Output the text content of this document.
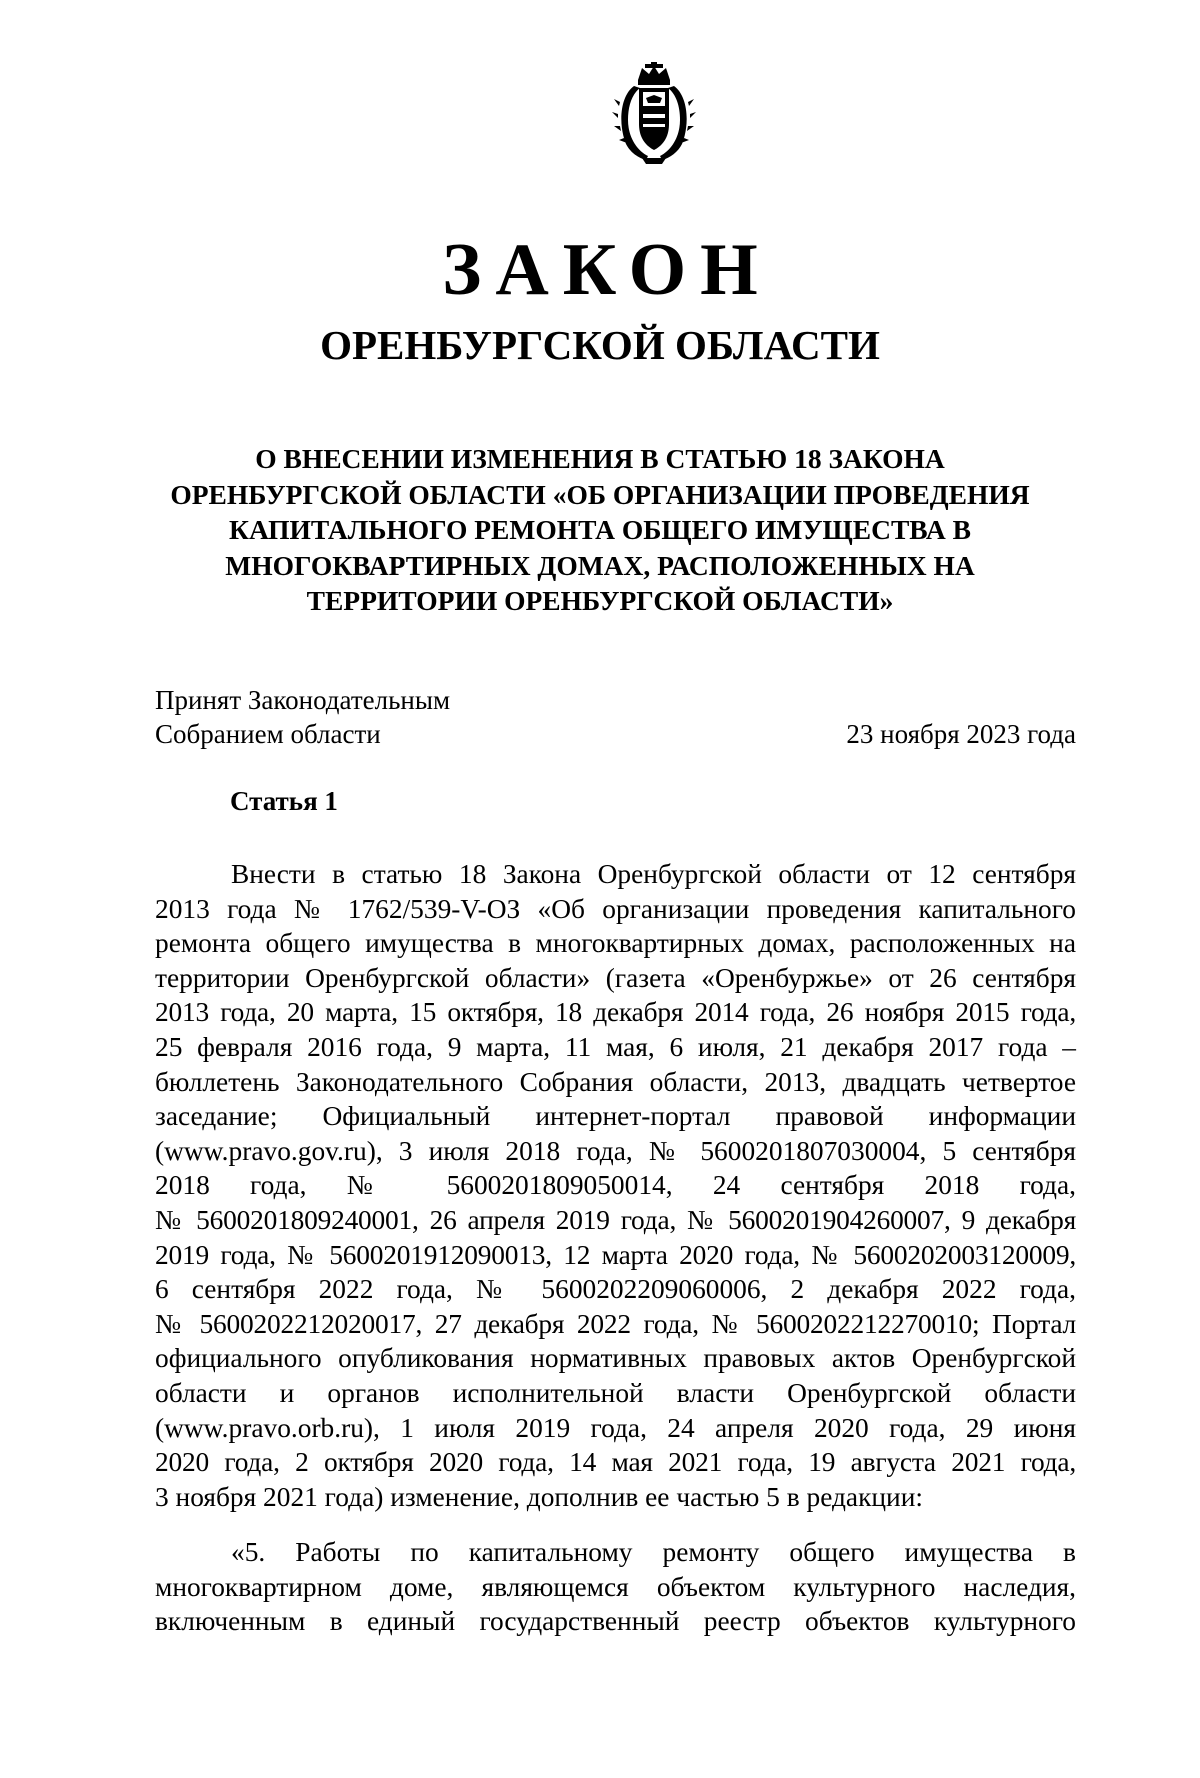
ЗАКОН
ОРЕНБУРГСКОЙ ОБЛАСТИ
О ВНЕСЕНИИ ИЗМЕНЕНИЯ В СТАТЬЮ 18 ЗАКОНА
ОРЕНБУРГСКОЙ ОБЛАСТИ «ОБ ОРГАНИЗАЦИИ ПРОВЕДЕНИЯ
КАПИТАЛЬНОГО РЕМОНТА ОБЩЕГО ИМУЩЕСТВА В
МНОГОКВАРТИРНЫХ ДОМАХ, РАСПОЛОЖЕННЫХ НА
ТЕРРИТОРИИ ОРЕНБУРГСКОЙ ОБЛАСТИ»
Принят Законодательным
Собранием области	23 ноября 2023 года
Статья 1
Внести в статью 18 Закона Оренбургской области от 12 сентября
2013 года № 1762/539-V-ОЗ «Об организации проведения капитального
ремонта общего имущества в многоквартирных домах, расположенных на
территории Оренбургской области» (газета «Оренбуржье» от 26 сентября
2013 года, 20 марта, 15 октября, 18 декабря 2014 года, 26 ноября 2015 года,
25 февраля 2016 года, 9 марта, 11 мая, 6 июля, 21 декабря 2017 года –
бюллетень Законодательного Собрания области, 2013, двадцать четвертое
заседание; Официальный интернет-портал правовой информации
(www.pravo.gov.ru), 3 июля 2018 года, № 5600201807030004, 5 сентября
2018 года, № 5600201809050014, 24 сентября 2018 года,
№ 5600201809240001, 26 апреля 2019 года, № 5600201904260007, 9 декабря
2019 года, № 5600201912090013, 12 марта 2020 года, № 5600202003120009,
6 сентября 2022 года, № 5600202209060006, 2 декабря 2022 года,
№ 5600202212020017, 27 декабря 2022 года, № 5600202212270010; Портал
официального опубликования нормативных правовых актов Оренбургской
области и органов исполнительной власти Оренбургской области
(www.pravo.orb.ru), 1 июля 2019 года, 24 апреля 2020 года, 29 июня
2020 года, 2 октября 2020 года, 14 мая 2021 года, 19 августа 2021 года,
3 ноября 2021 года) изменение, дополнив ее частью 5 в редакции:
«5. Работы по капитальному ремонту общего имущества в
многоквартирном доме, являющемся объектом культурного наследия,
включенным в единый государственный реестр объектов культурного
